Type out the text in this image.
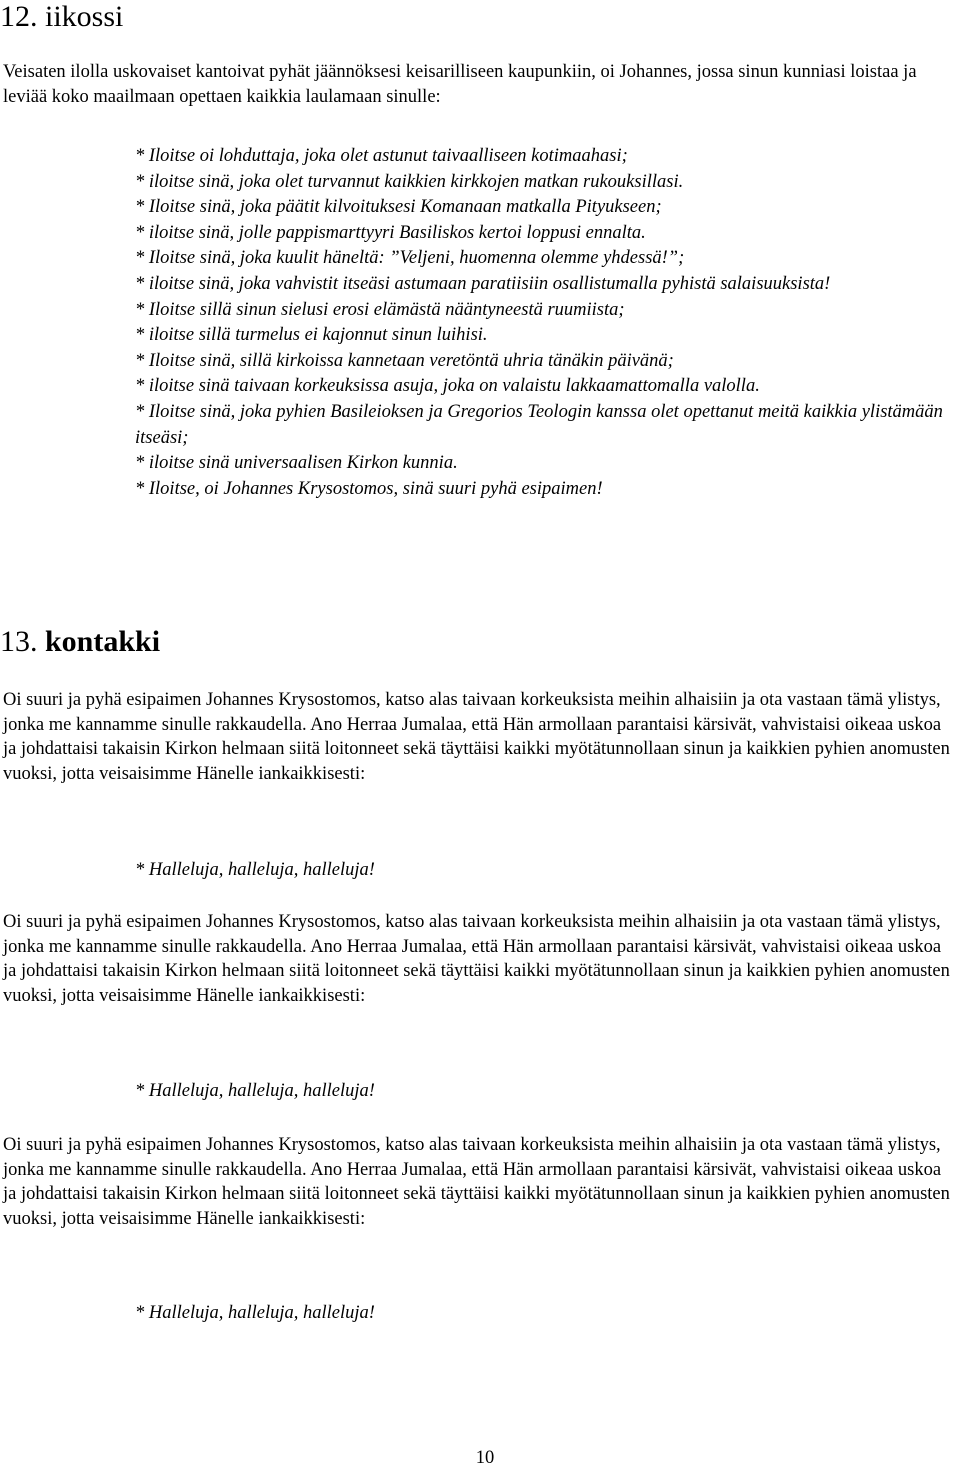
12. iikossi

Veisaten ilolla uskovaiset kantoivat pyhät jäännöksesi keisarilliseen kaupunkiin, oi Johannes, jossa sinun kunniasi loistaa ja leviää koko maailmaan opettaen kaikkia laulamaan sinulle:

* Iloitse oi lohduttaja, joka olet astunut taivaalliseen kotimaahasi;
* iloitse sinä, joka olet turvannut kaikkien kirkkojen matkan rukouksillasi.
* Iloitse sinä, joka päätit kilvoituksesi Komanaan matkalla Pityukseen;
* iloitse sinä, jolle pappismarttyyri Basiliskos kertoi loppusi ennalta.
* Iloitse sinä, joka kuulit häneltä: ”Veljeni, huomenna olemme yhdessä!”;
* iloitse sinä, joka vahvistit itseäsi astumaan paratiisiin osallistumalla pyhistä salaisuuksista!
* Iloitse sillä sinun sielusi erosi elämästä nääntyneestä ruumiista;
* iloitse sillä turmelus ei kajonnut sinun luihisi.
* Iloitse sinä, sillä kirkoissa kannetaan veretöntä uhria tänäkin päivänä;
* iloitse sinä taivaan korkeuksissa asuja, joka on valaistu lakkaamattomalla valolla.
* Iloitse sinä, joka pyhien Basileioksen ja Gregorios Teologin kanssa olet opettanut meitä kaikkia ylistämään itseäsi;
* iloitse sinä universaalisen Kirkon kunnia.
* Iloitse, oi Johannes Krysostomos, sinä suuri pyhä esipaimen!
13. kontakki

Oi suuri ja pyhä esipaimen Johannes Krysostomos, katso alas taivaan korkeuksista meihin alhaisiin ja ota vastaan tämä ylistys, jonka me kannamme sinulle rakkaudella. Ano Herraa Jumalaa, että Hän armollaan parantaisi kärsivät, vahvistaisi oikeaa uskoa ja johdattaisi takaisin Kirkon helmaan siitä loitonneet sekä täyttäisi kaikki myötätunnollaan sinun ja kaikkien pyhien anomusten vuoksi, jotta veisaisimme Hänelle iankaikkisesti:

* Halleluja, halleluja, halleluja!

Oi suuri ja pyhä esipaimen Johannes Krysostomos, katso alas taivaan korkeuksista meihin alhaisiin ja ota vastaan tämä ylistys, jonka me kannamme sinulle rakkaudella. Ano Herraa Jumalaa, että Hän armollaan parantaisi kärsivät, vahvistaisi oikeaa uskoa ja johdattaisi takaisin Kirkon helmaan siitä loitonneet sekä täyttäisi kaikki myötätunnollaan sinun ja kaikkien pyhien anomusten vuoksi, jotta veisaisimme Hänelle iankaikkisesti:

* Halleluja, halleluja, halleluja!

Oi suuri ja pyhä esipaimen Johannes Krysostomos, katso alas taivaan korkeuksista meihin alhaisiin ja ota vastaan tämä ylistys, jonka me kannamme sinulle rakkaudella. Ano Herraa Jumalaa, että Hän armollaan parantaisi kärsivät, vahvistaisi oikeaa uskoa ja johdattaisi takaisin Kirkon helmaan siitä loitonneet sekä täyttäisi kaikki myötätunnollaan sinun ja kaikkien pyhien anomusten vuoksi, jotta veisaisimme Hänelle iankaikkisesti:

* Halleluja, halleluja, halleluja!

10
